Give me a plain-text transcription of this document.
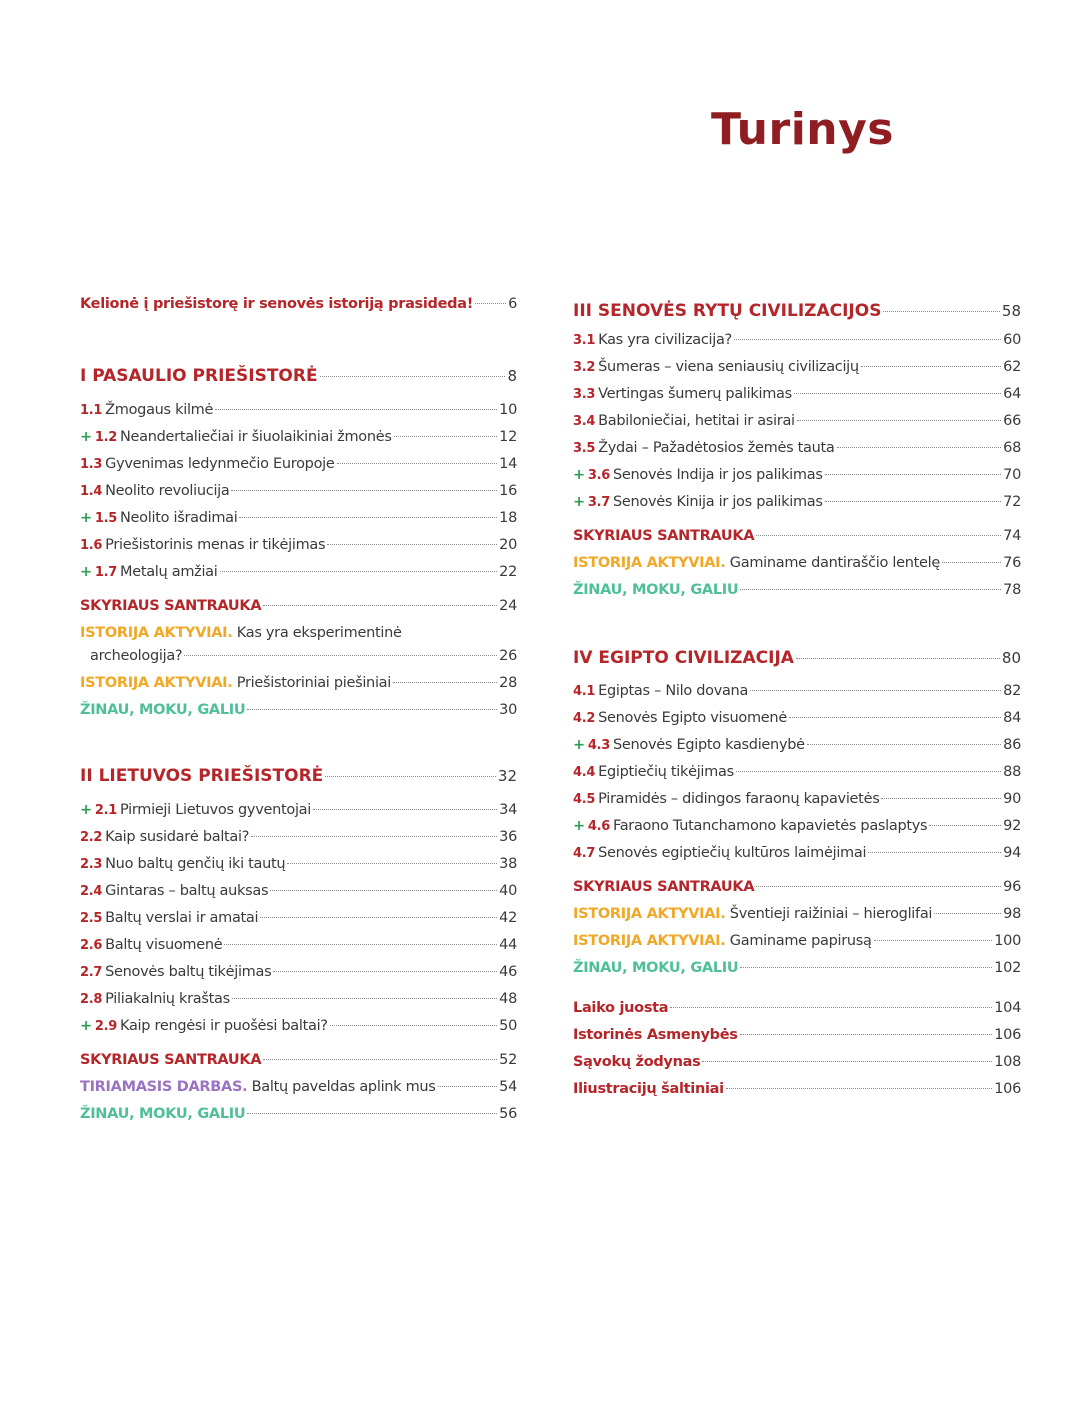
Turinys
Kelionė į priešistorę ir senovės istoriją prasideda! 6
I PASAULIO PRIEŠISTORĖ	8
1.1 Žmogaus kilmė	10
+ 1.2 Neandertaliečiai ir šiuolaikiniai žmonės	12
1.3 Gyvenimas ledynmečio Europoje	14
1.4 Neolito revoliucija	16
+ 1.5 Neolito išradimai	18
1.6 Priešistorinis menas ir tikėjimas	20
+ 1.7 Metalų amžiai	22
SKYRIAUS SANTRAUKA	24
ISTORIJA AKTYVIAI. Kas yra eksperimentinė
archeologija?	26
ISTORIJA AKTYVIAI. Priešistoriniai piešiniai	28
ŽINAU, MOKU, GALIU	30
II LIETUVOS PRIEŠISTORĖ	32
+ 2.1 Pirmieji Lietuvos gyventojai	34
2.2 Kaip susidarė baltai?	36
2.3 Nuo baltų genčių iki tautų	38
2.4 Gintaras – baltų auksas	40
2.5 Baltų verslai ir amatai	42
2.6 Baltų visuomenė	44
2.7 Senovės baltų tikėjimas	46
2.8 Piliakalnių kraštas	48
+ 2.9 Kaip rengėsi ir puošėsi baltai?	50
SKYRIAUS SANTRAUKA	52
TIRIAMASIS DARBAS. Baltų paveldas aplink mus	54
ŽINAU, MOKU, GALIU	56
III SENOVĖS RYTŲ CIVILIZACIJOS	58
3.1 Kas yra civilizacija?	60
3.2 Šumeras – viena seniausių civilizacijų	62
3.3 Vertingas šumerų palikimas	64
3.4 Babiloniečiai, hetitai ir asirai	66
3.5 Žydai – Pažadėtosios žemės tauta	68
+ 3.6 Senovės Indija ir jos palikimas	70
+ 3.7 Senovės Kinija ir jos palikimas	72
SKYRIAUS SANTRAUKA	74
ISTORIJA AKTYVIAI. Gaminame dantiraščio lentelę	76
ŽINAU, MOKU, GALIU	78
IV EGIPTO CIVILIZACIJA	80
4.1 Egiptas – Nilo dovana	82
4.2 Senovės Egipto visuomenė	84
+ 4.3 Senovės Egipto kasdienybė	86
4.4 Egiptiečių tikėjimas	88
4.5 Piramidės – didingos faraonų kapavietės	90
+ 4.6 Faraono Tutanchamono kapavietės paslaptys	92
4.7 Senovės egiptiečių kultūros laimėjimai	94
SKYRIAUS SANTRAUKA	96
ISTORIJA AKTYVIAI. Šventieji raižiniai – hieroglifai	98
ISTORIJA AKTYVIAI. Gaminame papirusą	100
ŽINAU, MOKU, GALIU	102
Laiko juosta	104
Istorinės Asmenybės	106
Sąvokų žodynas	108
Iliustracijų šaltiniai	106
